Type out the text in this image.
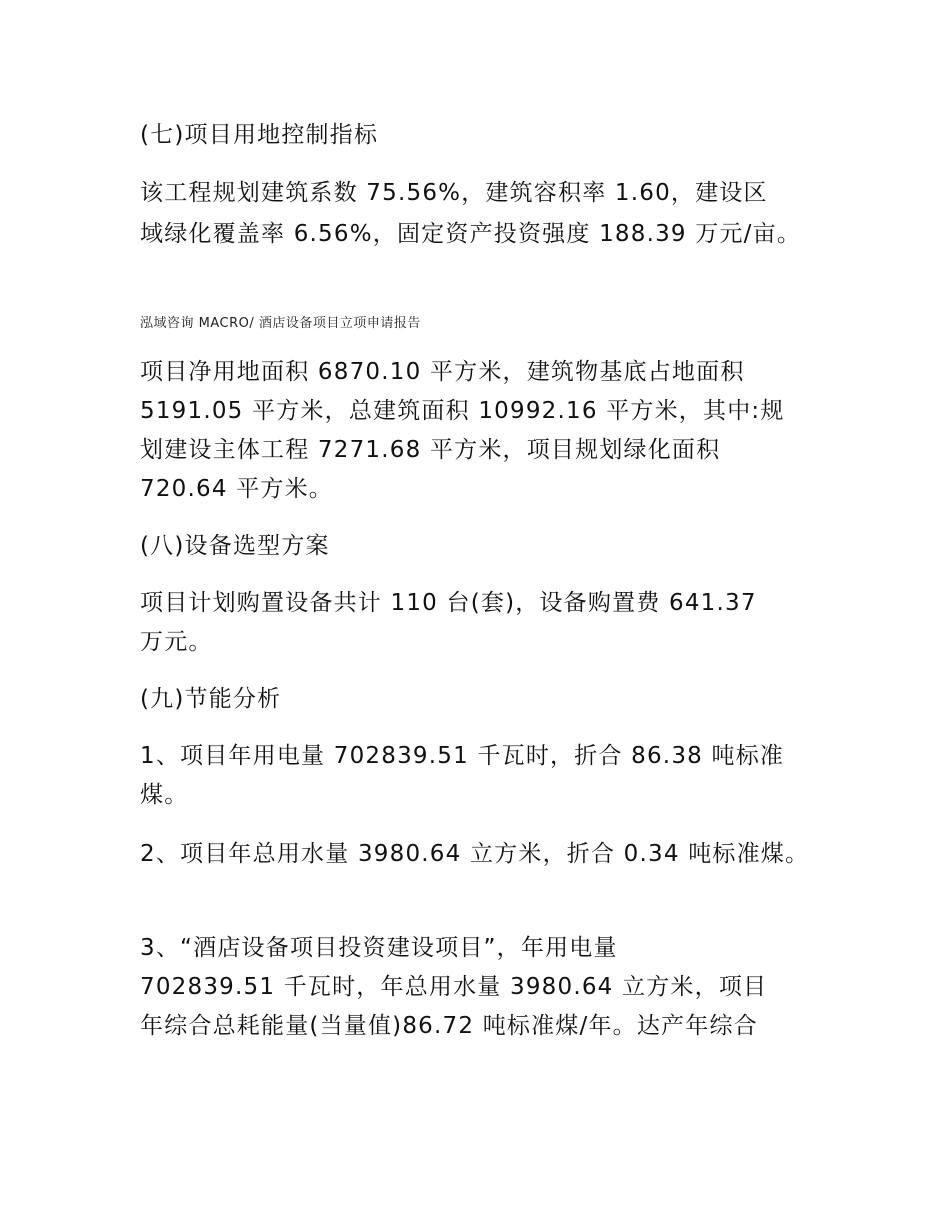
(七)项目用地控制指标
该工程规划建筑系数 75.56%，建筑容积率 1.60，建设区
域绿化覆盖率 6.56%，固定资产投资强度 188.39 万元/亩。
泓域咨询 MACRO/ 酒店设备项目立项申请报告
项目净用地面积 6870.10 平方米，建筑物基底占地面积
5191.05 平方米，总建筑面积 10992.16 平方米，其中:规
划建设主体工程 7271.68 平方米，项目规划绿化面积
720.64 平方米。
(八)设备选型方案
项目计划购置设备共计 110 台(套)，设备购置费 641.37
万元。
(九)节能分析
1、项目年用电量 702839.51 千瓦时，折合 86.38 吨标准
煤。
2、项目年总用水量 3980.64 立方米，折合 0.34 吨标准煤。
3、“酒店设备项目投资建设项目”，年用电量
702839.51 千瓦时，年总用水量 3980.64 立方米，项目
年综合总耗能量(当量值)86.72 吨标准煤/年。达产年综合
